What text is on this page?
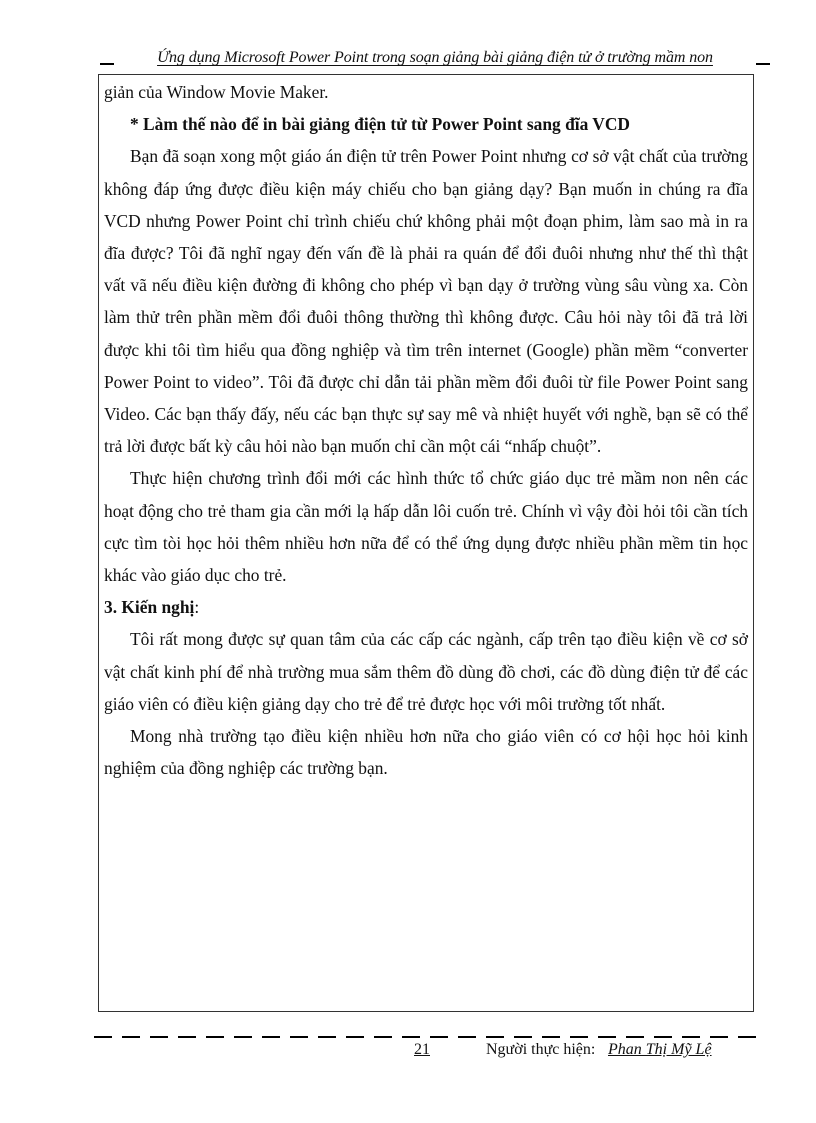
Ứng dụng Microsoft Power Point trong soạn giảng bài giảng điện tử ở trường mầm non

giản của Window Movie Maker.

* Làm thế nào để in bài giảng điện tử từ Power Point sang đĩa VCD

Bạn đã soạn xong một giáo án điện tử trên Power Point nhưng cơ sở vật chất của trường không đáp ứng được điều kiện máy chiếu cho bạn giảng dạy? Bạn muốn in chúng ra đĩa VCD nhưng Power Point chỉ trình chiếu chứ không phải một đoạn phim, làm sao mà in ra đĩa được? Tôi đã nghĩ ngay đến vấn đề là phải ra quán để đổi đuôi nhưng như thế thì thật vất vã nếu điều kiện đường đi không cho phép vì bạn dạy ở trường vùng sâu vùng xa. Còn làm thử trên phần mềm đổi đuôi thông thường thì không được. Câu hỏi này tôi đã trả lời được khi tôi tìm hiểu qua đồng nghiệp và tìm trên internet (Google) phần mềm “converter Power Point to video”. Tôi đã được chỉ dẫn tải phần mềm đổi đuôi từ file Power Point sang Video. Các bạn thấy đấy, nếu các bạn thực sự say mê và nhiệt huyết với nghề, bạn sẽ có thể trả lời được bất kỳ câu hỏi nào bạn muốn chỉ cần một cái “nhấp chuột”.

Thực hiện chương trình đổi mới các hình thức tổ chức giáo dục trẻ mầm non nên các hoạt động cho trẻ tham gia cần mới lạ hấp dẫn lôi cuốn trẻ. Chính vì vậy đòi hỏi tôi cần tích cực tìm tòi học hỏi thêm nhiều hơn nữa để có thể ứng dụng được nhiều phần mềm tin học khác vào giáo dục cho trẻ.

3. Kiến nghị:

Tôi rất mong được sự quan tâm của các cấp các ngành, cấp trên tạo điều kiện về cơ sở vật chất kinh phí để nhà trường mua sắm thêm đồ dùng đồ chơi, các đồ dùng điện tử để các giáo viên có điều kiện giảng dạy cho trẻ để trẻ được học với môi trường tốt nhất.

Mong nhà trường tạo điều kiện nhiều hơn nữa cho giáo viên có cơ hội học hỏi kinh nghiệm của đồng nghiệp các trường bạn.

21	Người thực hiện: Phan Thị Mỹ Lệ
